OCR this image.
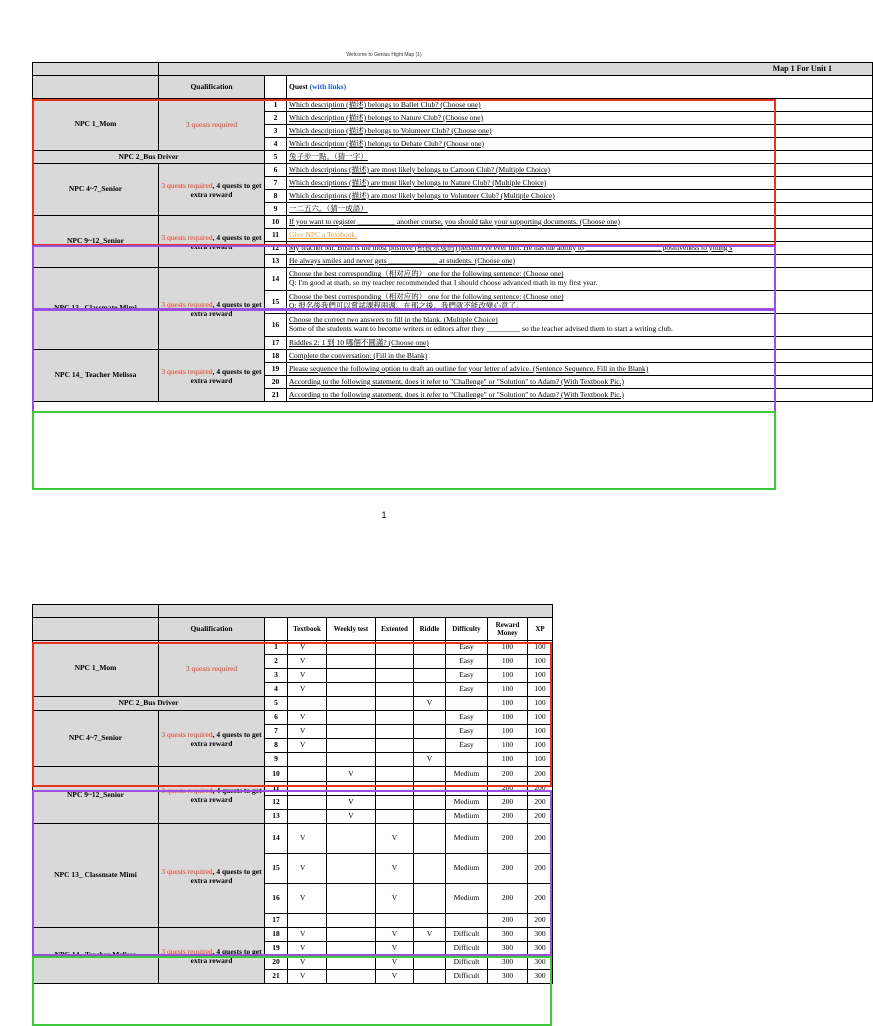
Welcome to Genius Hight Map (1)
	Map 1 For Unit 1		
	Qualification		Quest (with links)
NPC 1_Mom	3 quests required	1	Which description (描述) belongs to Ballet Club? (Choose one)

		2	Which description (描述) belongs to Nature Club? (Choose one)

		3	Which description (描述) belongs to Volunteer Club? (Choose one)

		4	Which description (描述) belongs to Debate Club? (Choose one)

NPC 2_Bus Driver		5	兔子步一點。（猜一字）

NPC 4~7_Senior	3 quests required, 4 quests to get extra reward	6	Which descriptions (描述) are most likely belongs to Cartoon Club? (Multiple Choice)

		7	Which descriptions (描述) are most likely belongs to Nature Club? (Multiple Choice)

		8	Which descriptions (描述) are most likely belongs to Volunteer Club? (Multiple Choice)

		9	一二五六。（猜一成語）

NPC 9~12_Senior	3 quests required, 4 quests to get extra reward	10	If you want to register __________ another course, you should take your supporting documents. (Choose one)

		11	Give NPC a Textbook.

		12	My teacher Mr. Bush is the most positive (积极乐观的) person I've ever met. He has the ability to ____________________ positiveness to young s

		13	He always smiles and never gets _____________ at students. (Choose one)

NPC 13_ Classmate Mimi	3 quests required, 4 quests to get extra reward	14	Choose the best corresponding（相对应的） one for the following sentence: (Choose one)
Q: I'm good at math, so my teacher recommended that I should choose advanced math in my first year.

		15	Choose the best corresponding（相对应的） one for the following sentence: (Choose one)
Q: 报名後我們可以嘗試課程兩週。在那之後，我們就不能改變心意了。

		16	Choose the correct two answers to fill in the blank. (Multiple Choice)
Some of the students want to become writers or editors after they _________ so the teacher advised them to start a writing club.

		17	Riddles 2: 1 到 10 哪個不圓滿? (Choose one)

NPC 14_ Teacher Melissa	3 quests required, 4 quests to get extra reward	18	Complete the conversation: (Fill in the Blank)

		19	Please sequence the following option to draft an outline for your letter of advice. (Sentence Sequence, Fill in the Blank)

		20	According to the following statement, does it refer to "Challenge" or "Solution" to Adam? (With Textbook Pic.)

		21	According to the following statement, does it refer to "Challenge" or "Solution" to Adam? (With Textbook Pic.)
1

	Qualification		Textbook	Weekly test	Extented	Riddle	Difficulty	Reward Money	XP
NPC 1_Mom	3 quests required	1	V				Easy	100	100
		2	V				Easy	100	100
		3	V				Easy	100	100
		4	V				Easy	100	100
NPC 2_Bus Driver		5				V		100	100
NPC 4~7_Senior	3 quests required, 4 quests to get extra reward	6	V				Easy	100	100
		7	V				Easy	100	100
		8	V				Easy	100	100
		9				V		100	100
NPC 9~12_Senior	3 quests required, 4 quests to get extra reward	10		V			Medium	200	200
		11						200	200
		12		V			Medium	200	200
		13		V			Medium	200	200
NPC 13_ Classmate Mimi	3 quests required, 4 quests to get extra reward	14	V		V		Medium	200	200
		15	V		V		Medium	200	200
		16	V		V		Medium	200	200
		17						200	200
NPC 14_ Teacher Melissa	3 quests required, 4 quests to get extra reward	18	V		V	V	Difficult	300	300
		19	V		V		Difficult	300	300
		20	V		V		Difficult	300	300
		21	V		V		Difficult	300	300
